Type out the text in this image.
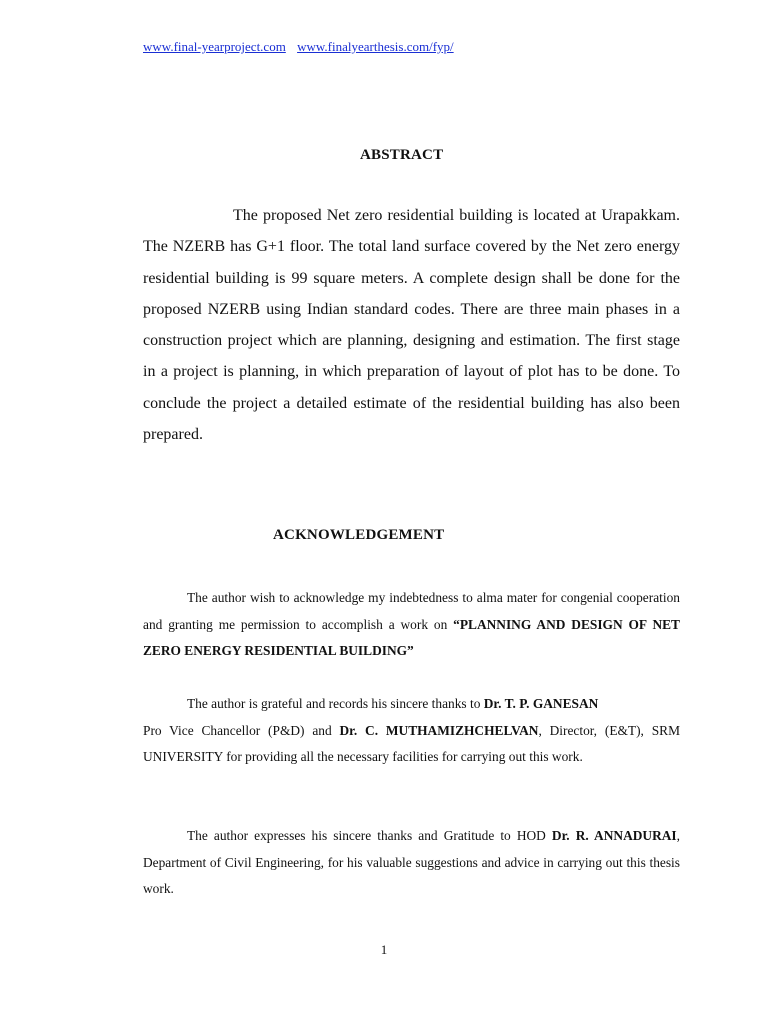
www.final-yearproject.com www.finalyearthesis.com/fyp/
ABSTRACT
The proposed Net zero residential building is located at Urapakkam. The NZERB has G+1 floor. The total land surface covered by the Net zero energy residential building is 99 square meters. A complete design shall be done for the proposed NZERB using Indian standard codes. There are three main phases in a construction project which are planning, designing and estimation. The first stage in a project is planning, in which preparation of layout of plot has to be done. To conclude the project a detailed estimate of the residential building has also been prepared.
ACKNOWLEDGEMENT
The author wish to acknowledge my indebtedness to alma mater for congenial cooperation and granting me permission to accomplish a work on “PLANNING AND DESIGN OF NET ZERO ENERGY RESIDENTIAL BUILDING”
The author is grateful and records his sincere thanks to Dr. T. P. GANESAN
Pro Vice Chancellor (P&D) and Dr. C. MUTHAMIZHCHELVAN, Director, (E&T), SRM UNIVERSITY for providing all the necessary facilities for carrying out this work.
The author expresses his sincere thanks and Gratitude to HOD Dr. R. ANNADURAI, Department of Civil Engineering, for his valuable suggestions and advice in carrying out this thesis work.
1
